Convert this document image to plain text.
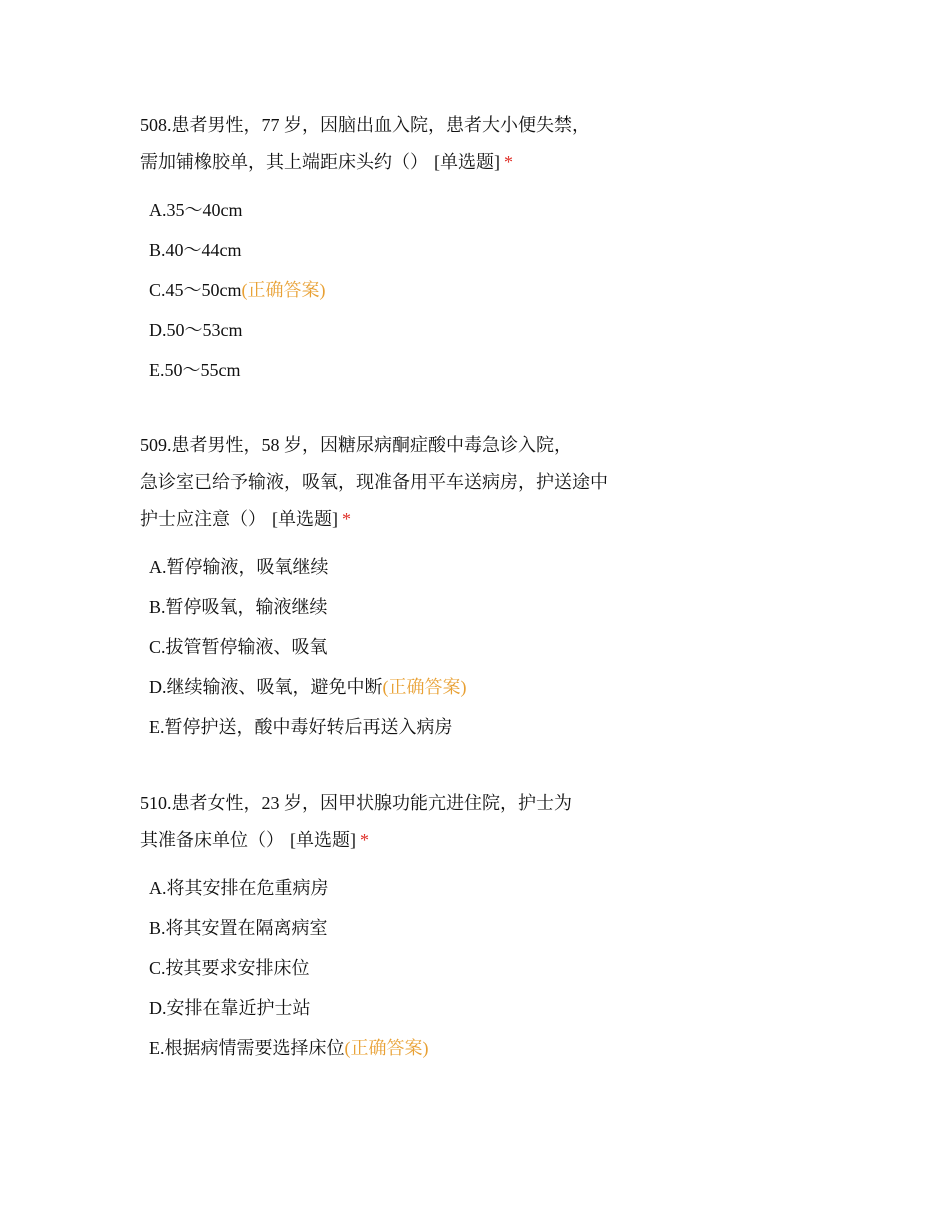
508.患者男性，77 岁，因脑出血入院，患者大小便失禁，
需加铺橡胶单，其上端距床头约（） [单选题] *
A.35～40cm
B.40～44cm
C.45～50cm(正确答案)
D.50～53cm
E.50～55cm
509.患者男性，58 岁，因糖尿病酮症酸中毒急诊入院，
急诊室已给予输液，吸氧，现准备用平车送病房，护送途中
护士应注意（） [单选题] *
A.暂停输液，吸氧继续
B.暂停吸氧，输液继续
C.拔管暂停输液、吸氧
D.继续输液、吸氧，避免中断(正确答案)
E.暂停护送，酸中毒好转后再送入病房
510.患者女性，23 岁，因甲状腺功能亢进住院，护士为
其准备床单位（） [单选题] *
A.将其安排在危重病房
B.将其安置在隔离病室
C.按其要求安排床位
D.安排在靠近护士站
E.根据病情需要选择床位(正确答案)
